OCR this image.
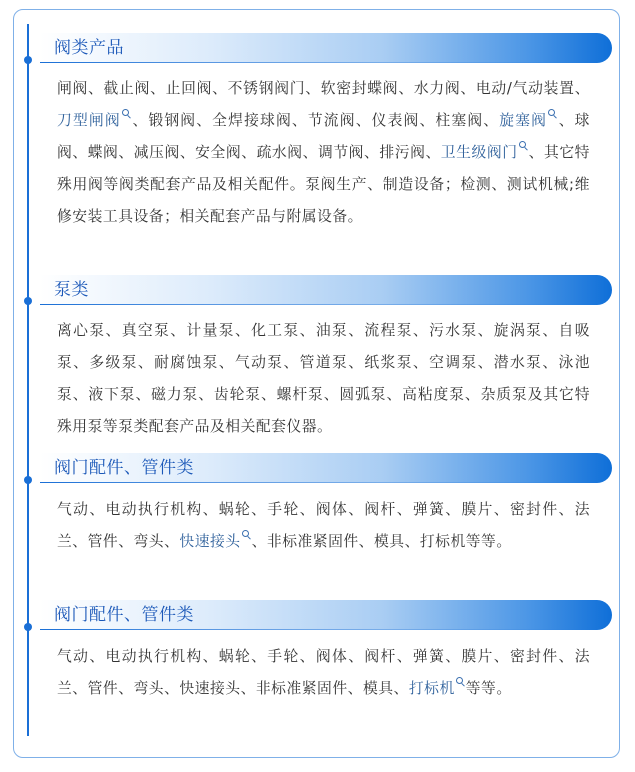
阀类产品
闸阀、截止阀、止回阀、不锈钢阀门、软密封蝶阀、水力阀、电动/气动装置、刀型闸阀 、锻钢阀、全焊接球阀、节流阀、仪表阀、柱塞阀、旋塞阀 、球阀、蝶阀、减压阀、安全阀、疏水阀、调节阀、排污阀、卫生级阀门 、其它特殊用阀等阀类配套产品及相关配件。泵阀生产、制造设备；检测、测试机械;维修安装工具设备；相关配套产品与附属设备。
泵类
离心泵、真空泵、计量泵、化工泵、油泵、流程泵、污水泵、旋涡泵、自吸泵、多级泵、耐腐蚀泵、气动泵、管道泵、纸浆泵、空调泵、潜水泵、泳池泵、液下泵、磁力泵、齿轮泵、螺杆泵、圆弧泵、高粘度泵、杂质泵及其它特殊用泵等泵类配套产品及相关配套仪器。
阀门配件、管件类
气动、电动执行机构、蜗轮、手轮、阀体、阀杆、弹簧、膜片、密封件、法兰、管件、弯头、快速接头 、非标准紧固件、模具、打标机等等。
阀门配件、管件类
气动、电动执行机构、蜗轮、手轮、阀体、阀杆、弹簧、膜片、密封件、法兰、管件、弯头、快速接头、非标准紧固件、模具、打标机 等等。
